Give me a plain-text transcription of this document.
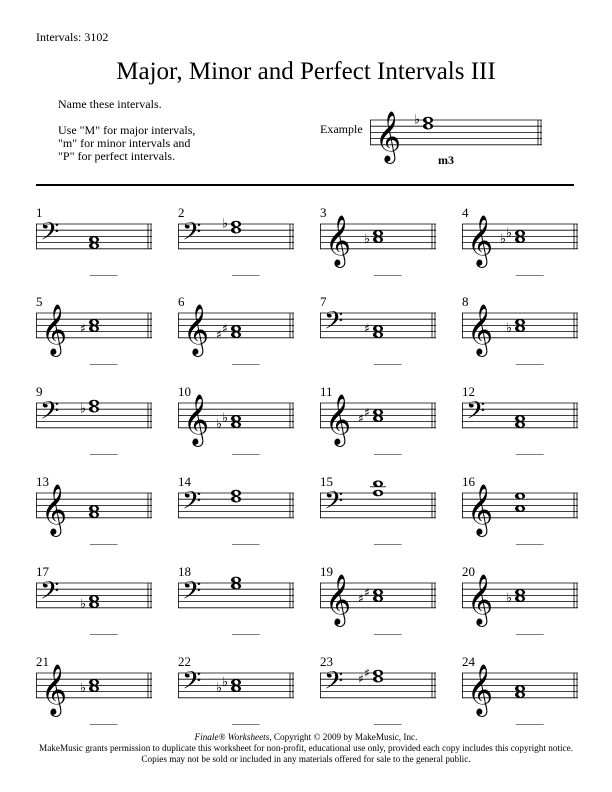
Intervals: 3102
Major, Minor and Perfect Intervals III
Name these intervals.
Use "M" for major intervals,
"m" for minor intervals and
"P" for perfect intervals.
Example 𝄞 ♭
m3
1
𝄢
_____
2
𝄢 ♭
_____
3
𝄞 ♭
_____
4
𝄞 ♭ ♭
_____
5
𝄞 ♯
_____
6
𝄞 ♯ ♯
_____
7
𝄢 ♯
_____
8
𝄞 ♭
_____
9
𝄢 ♭
_____
10
𝄞 ♭ ♭
_____
11
𝄞 ♯ ♯
_____
12
𝄢
_____
13
𝄞
_____
14
𝄢
_____
15
𝄢
_____
16
𝄞
_____
17
𝄢 ♭
_____
18
𝄢
_____
19
𝄞 ♯ ♯
_____
20
𝄞 ♭
_____
21
𝄞 ♭
_____
22
𝄢 ♭ ♭
_____
23
𝄢 ♯ ♯
_____
24
𝄞
_____
Finale® Worksheets, Copyright © 2009 by MakeMusic, Inc.
MakeMusic grants permission to duplicate this worksheet for non-profit, educational use only, provided each copy includes this copyright notice.
Copies may not be sold or included in any materials offered for sale to the general public.
